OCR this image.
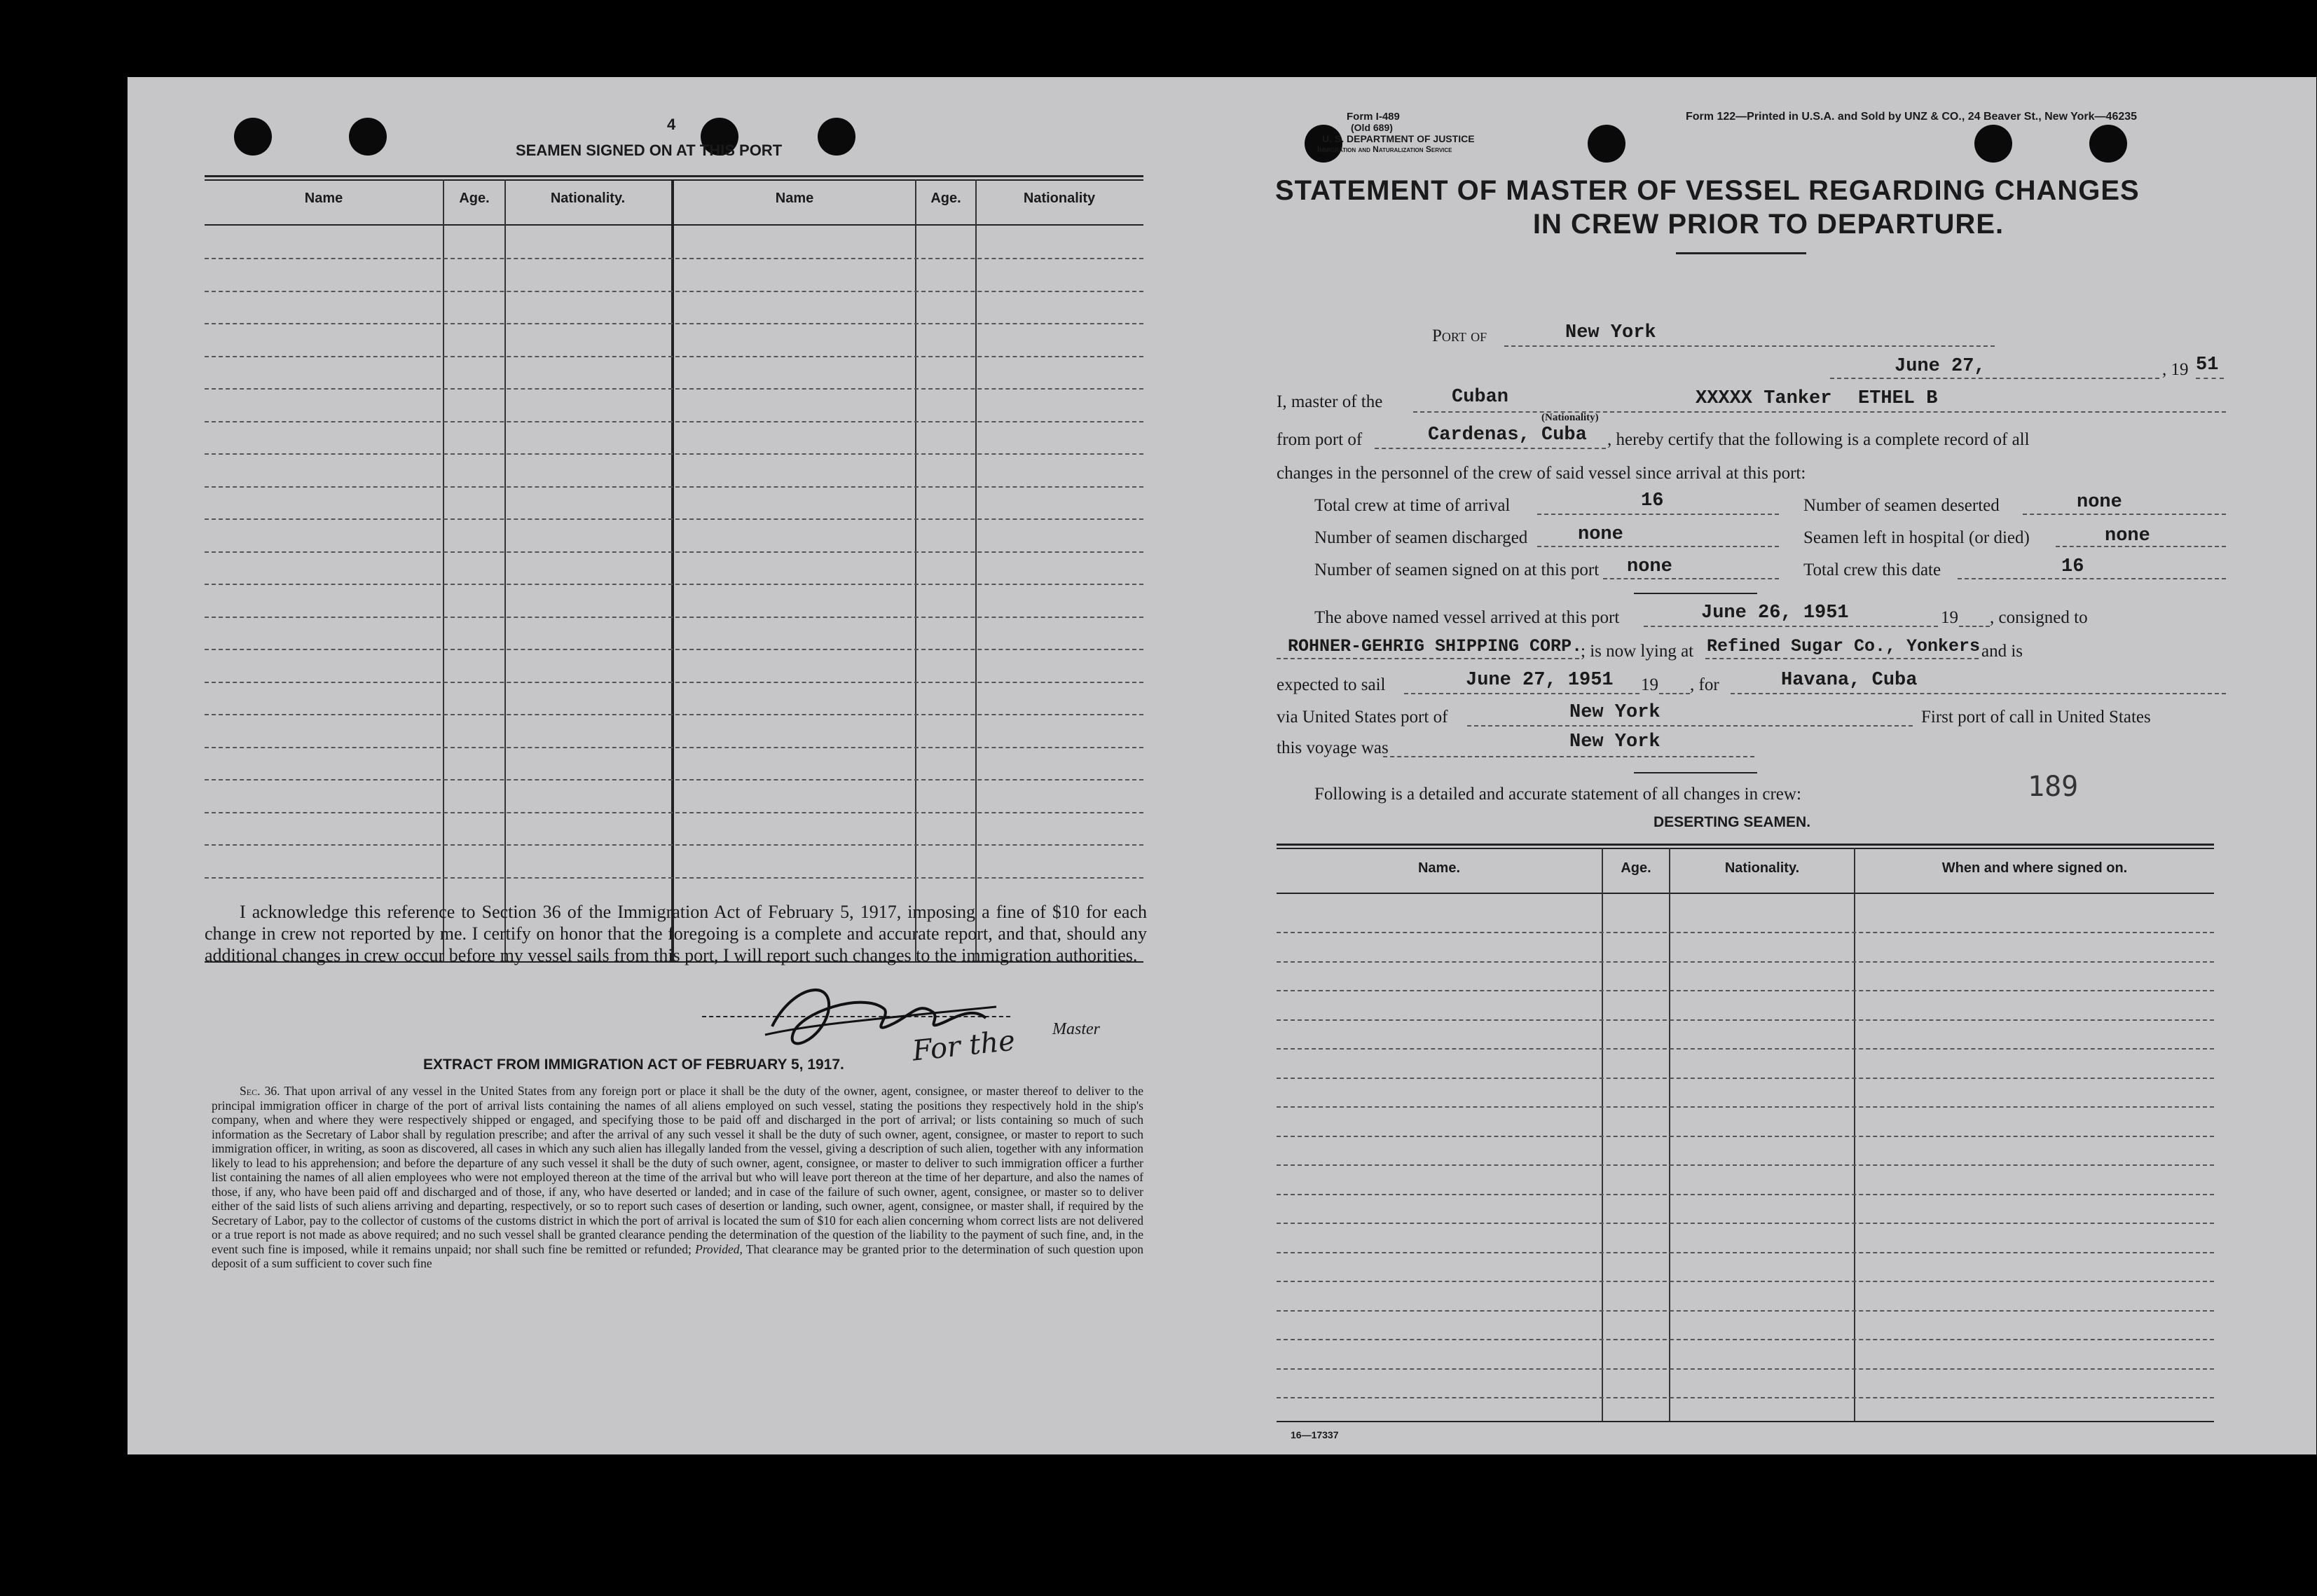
4
SEAMEN SIGNED ON AT THIS PORT
Name	Age.	Nationality.	Name	Age.	Nationality
I acknowledge this reference to Section 36 of the Immigration Act of February 5, 1917, imposing a fine of $10 for each change in crew not reported by me. I certify on honor that the foregoing is a complete and accurate report, and that, should any additional changes in crew occur before my vessel sails from this port, I will report such changes to the immigration authorities.
For the Master
EXTRACT FROM IMMIGRATION ACT OF FEBRUARY 5, 1917.
Sec. 36. That upon arrival of any vessel in the United States from any foreign port or place it shall be the duty of the owner, agent, consignee, or master thereof to deliver to the principal immigration officer in charge of the port of arrival lists containing the names of all aliens employed on such vessel, stating the positions they respectively hold in the ship's company, when and where they were respectively shipped or engaged, and specifying those to be paid off and discharged in the port of arrival; or lists containing so much of such information as the Secretary of Labor shall by regulation prescribe; and after the arrival of any such vessel it shall be the duty of such owner, agent, consignee, or master to report to such immigration officer, in writing, as soon as discovered, all cases in which any such alien has illegally landed from the vessel, giving a description of such alien, together with any information likely to lead to his apprehension; and before the departure of any such vessel it shall be the duty of such owner, agent, consignee, or master to deliver to such immigration officer a further list containing the names of all alien employees who were not employed thereon at the time of the arrival but who will leave port thereon at the time of her departure, and also the names of those, if any, who have been paid off and discharged and of those, if any, who have deserted or landed; and in case of the failure of such owner, agent, consignee, or master so to deliver either of the said lists of such aliens arriving and departing, respectively, or so to report such cases of desertion or landing, such owner, agent, consignee, or master shall, if required by the Secretary of Labor, pay to the collector of customs of the customs district in which the port of arrival is located the sum of $10 for each alien concerning whom correct lists are not delivered or a true report is not made as above required; and no such vessel shall be granted clearance pending the determination of the question of the liability to the payment of such fine, and, in the event such fine is imposed, while it remains unpaid; nor shall such fine be remitted or refunded; Provided, That clearance may be granted prior to the determination of such question upon deposit of a sum sufficient to cover such fine
Form I-489
(Old 689)
U. S. DEPARTMENT OF JUSTICE
Immigration and Naturalization Service
Form 122—Printed in U.S.A. and Sold by UNZ & CO., 24 Beaver St., New York—46235
STATEMENT OF MASTER OF VESSEL REGARDING CHANGES
IN CREW PRIOR TO DEPARTURE.
Port of	New York
June 27,	, 19 51
I, master of the	Cuban
(Nationality)
XXXXX Tanker ETHEL B
from port of	Cardenas, Cuba , hereby certify that the following is a complete record of all
changes in the personnel of the crew of said vessel since arrival at this port:
Total crew at time of arrival	16	Number of seamen deserted	none
Number of seamen discharged	none	Seamen left in hospital (or died)	none
Number of seamen signed on at this port none	Total crew this date	16
The above named vessel arrived at this port	June 26, 1951	19 , consigned to
ROHNER-GEHRIG SHIPPING CORP.
; is now lying at Refined Sugar Co., Yonkers and is
expected to sail	June 27, 1951 19 , for	Havana, Cuba
via United States port of	New York	First port of call in United States
this voyage was	New York
Following is a detailed and accurate statement of all changes in crew:	189
DESERTING SEAMEN.
Name.	Age.	Nationality.	When and where signed on.
16—17337
